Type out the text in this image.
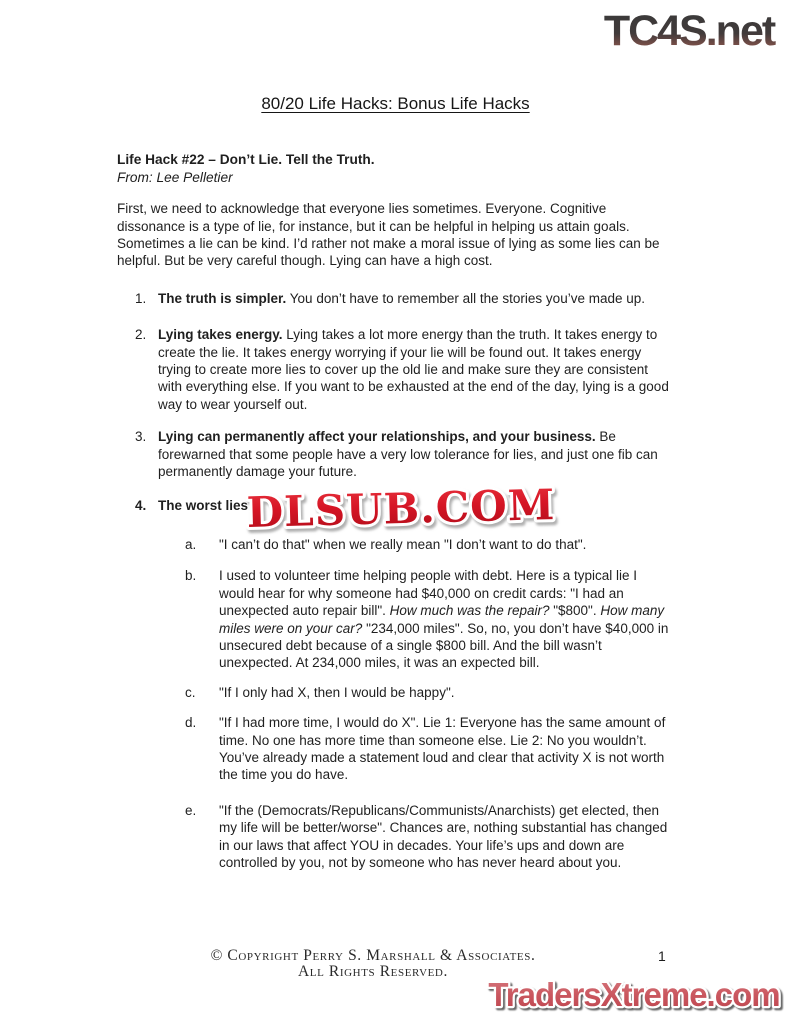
TC4S.net
80/20 Life Hacks: Bonus Life Hacks
Life Hack #22 – Don’t Lie. Tell the Truth.
From: Lee Pelletier

First, we need to acknowledge that everyone lies sometimes. Everyone. Cognitive dissonance is a type of lie, for instance, but it can be helpful in helping us attain goals. Sometimes a lie can be kind. I’d rather not make a moral issue of lying as some lies can be helpful. But be very careful though. Lying can have a high cost.

1. The truth is simpler. You don’t have to remember all the stories you’ve made up.
2. Lying takes energy. Lying takes a lot more energy than the truth. It takes energy to create the lie. It takes energy worrying if your lie will be found out. It takes energy trying to create more lies to cover up the old lie and make sure they are consistent with everything else. If you want to be exhausted at the end of the day, lying is a good way to wear yourself out.
3. Lying can permanently affect your relationships, and your business. Be forewarned that some people have a very low tolerance for lies, and just one fib can permanently damage your future.
4. The worst lies
a.	"I can’t do that" when we really mean "I don’t want to do that".
b.	I used to volunteer time helping people with debt. Here is a typical lie I would hear for why someone had $40,000 on credit cards: "I had an unexpected auto repair bill". How much was the repair? "$800". How many miles were on your car? "234,000 miles". So, no, you don’t have $40,000 in unsecured debt because of a single $800 bill. And the bill wasn’t unexpected. At 234,000 miles, it was an expected bill.
c.	"If I only had X, then I would be happy".
d.	"If I had more time, I would do X". Lie 1: Everyone has the same amount of time. No one has more time than someone else. Lie 2: No you wouldn’t. You’ve already made a statement loud and clear that activity X is not worth the time you do have.
e.	"If the (Democrats/Republicans/Communists/Anarchists) get elected, then my life will be better/worse". Chances are, nothing substantial has changed in our laws that affect YOU in decades. Your life’s ups and down are controlled by you, not by someone who has never heard about you.
DLSUB.COM
© Copyright Perry S. Marshall & Associates.
All Rights Reserved.
1
TradersXtreme.com
